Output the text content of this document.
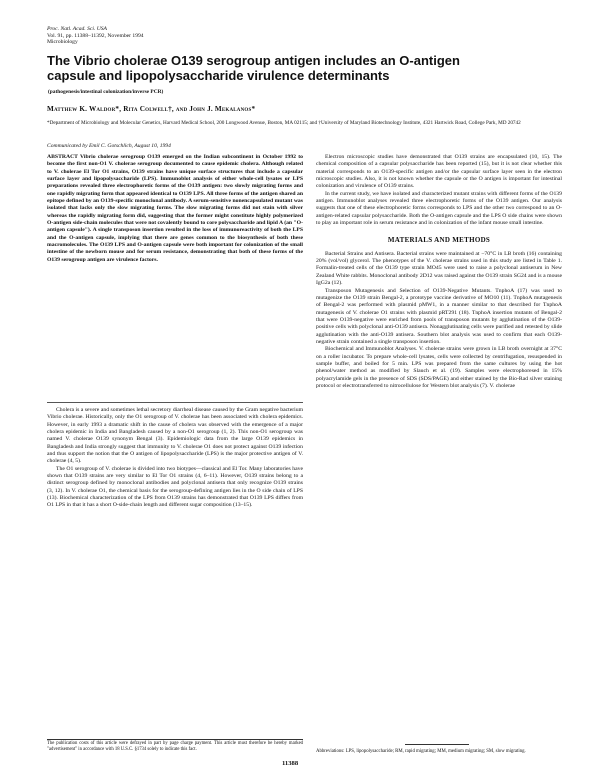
Proc. Natl. Acad. Sci. USA
Vol. 91, pp. 11388–11392, November 1994
Microbiology
The Vibrio cholerae O139 serogroup antigen includes an O-antigen
capsule and lipopolysaccharide virulence determinants
(pathogenesis/intestinal colonization/inverse PCR)
Matthew K. Waldor*, Rita Colwell†, and John J. Mekalanos*
*Department of Microbiology and Molecular Genetics, Harvard Medical School, 200 Longwood Avenue, Boston, MA 02115; and †University of Maryland Biotechnology Institute, 4321 Hartwick Road, College Park, MD 20742
Communicated by Emil C. Gotschlich, August 10, 1994

ABSTRACT Vibrio cholerae serogroup O139 emerged on the Indian subcontinent in October 1992 to become the first non-O1 V. cholerae serogroup documented to cause epidemic cholera. Although related to V. cholerae El Tor O1 strains, O139 strains have unique surface structures that include a capsular surface layer and lipopolysaccharide (LPS). Immunoblot analysis of either whole-cell lysates or LPS preparations revealed three electrophoretic forms of the O139 antigen: two slowly migrating forms and one rapidly migrating form that appeared identical to O139 LPS. All three forms of the antigen shared an epitope defined by an O139-specific monoclonal antibody. A serum-sensitive nonencapsulated mutant was isolated that lacks only the slow migrating forms. The slow migrating forms did not stain with silver whereas the rapidly migrating form did, suggesting that the former might constitute highly polymerized O-antigen side-chain molecules that were not covalently bound to core polysaccharide and lipid A (an "O-antigen capsule"). A single transposon insertion resulted in the loss of immunoreactivity of both the LPS and the O-antigen capsule, implying that there are genes common to the biosynthesis of both these macromolecules. The O139 LPS and O-antigen capsule were both important for colonization of the small intestine of the newborn mouse and for serum resistance, demonstrating that both of these forms of the O139 serogroup antigen are virulence factors.

Cholera is a severe and sometimes lethal secretory diarrheal disease caused by the Gram negative bacterium Vibrio cholerae. Historically, only the O1 serogroup of V. cholerae has been associated with cholera epidemics. However, in early 1993 a dramatic shift in the cause of cholera was observed with the emergence of a major cholera epidemic in India and Bangladesh caused by a non-O1 serogroup (1, 2). This non-O1 serogroup was named V. cholerae O139 synonym Bengal (3). Epidemiologic data from the large O139 epidemics in Bangladesh and India strongly suggest that immunity to V. cholerae O1 does not protect against O139 infection and thus support the notion that the O antigen of lipopolysaccharide (LPS) is the major protective antigen of V. cholerae (4, 5).

The O1 serogroup of V. cholerae is divided into two biotypes—classical and El Tor. Many laboratories have shown that O139 strains are very similar to El Tor O1 strains (4, 6–11). However, O139 strains belong to a distinct serogroup defined by monoclonal antibodies and polyclonal antisera that only recognize O139 strains (3, 12). In V. cholerae O1, the chemical basis for the serogroup-defining antigen lies in the O side chain of LPS (13). Biochemical characterization of the LPS from O139 strains has demonstrated that O139 LPS differs from O1 LPS in that it has a short O-side-chain length and different sugar composition (13–15).

The publication costs of this article were defrayed in part by page charge payment. This article must therefore be hereby marked "advertisement" in accordance with 18 U.S.C. §1734 solely to indicate this fact.

Electron microscopic studies have demonstrated that O139 strains are encapsulated (10, 15). The chemical composition of a capsular polysaccharide has been reported (15), but it is not clear whether this material corresponds to an O139-specific antigen and/or the capsular surface layer seen in the electron microscopic studies. Also, it is not known whether the capsule or the O antigen is important for intestinal colonization and virulence of O139 strains.

In the current study, we have isolated and characterized mutant strains with different forms of the O139 antigen. Immunoblot analyses revealed three electrophoretic forms of the O139 antigen. Our analysis suggests that one of these electrophoretic forms corresponds to LPS and the other two correspond to an O-antigen-related capsular polysaccharide. Both the O-antigen capsule and the LPS O side chains were shown to play an important role in serum resistance and in colonization of the infant mouse small intestine.

MATERIALS AND METHODS

Bacterial Strains and Antisera. Bacterial strains were maintained at −70°C in LB broth (16) containing 20% (vol/vol) glycerol. The phenotypes of the V. cholerae strains used in this study are listed in Table 1. Formalin-treated cells of the O139 type strain MO45 were used to raise a polyclonal antiserum in New Zealand White rabbits. Monoclonal antibody 2D12 was raised against the O139 strain SG24 and is a mouse IgG2a (12).

Transposon Mutagenesis and Selection of O139-Negative Mutants. TnphoA (17) was used to mutagenize the O139 strain Bengal-2, a prototype vaccine derivative of MO10 (11). TnphoA mutagenesis of Bengal-2 was performed with plasmid pMW1, in a manner similar to that described for TnphoA mutagenesis of V. cholerae O1 strains with plasmid pRT291 (18). TnphoA insertion mutants of Bengal-2 that were O139-negative were enriched from pools of transposon mutants by agglutination of the O139-positive cells with polyclonal anti-O139 antisera. Nonagglutinating cells were purified and retested by slide agglutination with the anti-O139 antisera. Southern blot analysis was used to confirm that each O139-negative strain contained a single transposon insertion.

Biochemical and Immunoblot Analyses. V. cholerae strains were grown in LB broth overnight at 37°C on a roller incubator. To prepare whole-cell lysates, cells were collected by centrifugation, resuspended in sample buffer, and boiled for 5 min. LPS was prepared from the same cultures by using the hot phenol/water method as modified by Slauch et al. (19). Samples were electrophoresed in 15% polyacrylamide gels in the presence of SDS (SDS/PAGE) and either stained by the Bio-Rad silver staining protocol or electrotransferred to nitrocellulose for Western blot analysis (7). V. cholerae

Abbreviations: LPS, lipopolysaccharide; RM, rapid migrating; MM, medium migrating; SM, slow migrating.
11388
